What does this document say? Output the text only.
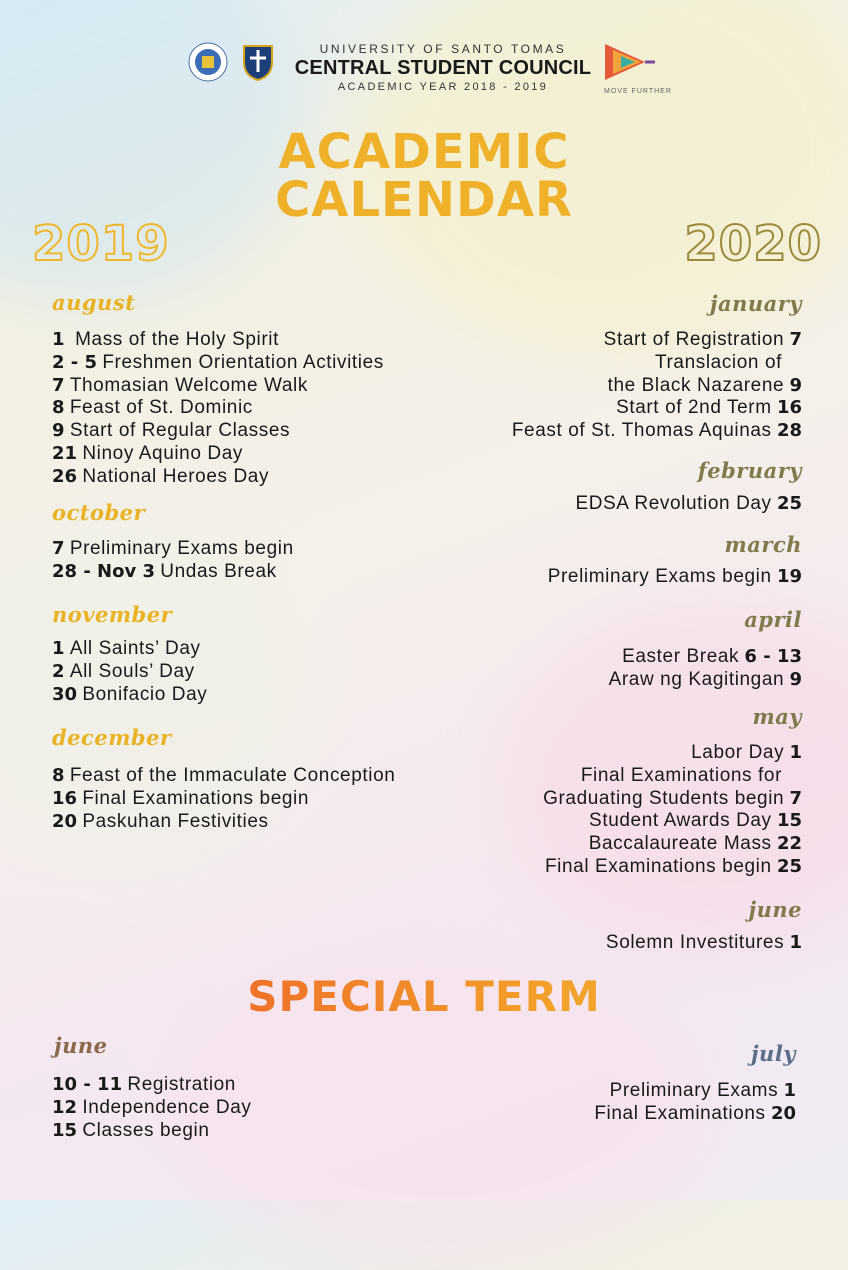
UNIVERSITY OF SANTO TOMAS
CENTRAL STUDENT COUNCIL
ACADEMIC YEAR 2018 - 2019	MOVE FURTHER
ACADEMIC
CALENDAR
2019	2020
august
1 Mass of the Holy Spirit
2 - 5 Freshmen Orientation Activities
7 Thomasian Welcome Walk
8 Feast of St. Dominic
9 Start of Regular Classes
21 Ninoy Aquino Day
26 National Heroes Day
october
7 Preliminary Exams begin
28 - Nov 3 Undas Break
november
1 All Saints’ Day
2 All Souls’ Day
30 Bonifacio Day
december
8 Feast of the Immaculate Conception
16 Final Examinations begin
20 Paskuhan Festivities
january
Start of Registration 7
Translacion of
the Black Nazarene 9
Start of 2nd Term 16
Feast of St. Thomas Aquinas 28
february
EDSA Revolution Day 25
march
Preliminary Exams begin 19
april
Easter Break 6 - 13
Araw ng Kagitingan 9
may
Labor Day 1
Final Examinations for
Graduating Students begin 7
Student Awards Day 15
Baccalaureate Mass 22
Final Examinations begin 25
june
Solemn Investitures 1
SPECIAL TERM
june
10 - 11 Registration
12 Independence Day
15 Classes begin
july
Preliminary Exams 1
Final Examinations 20
